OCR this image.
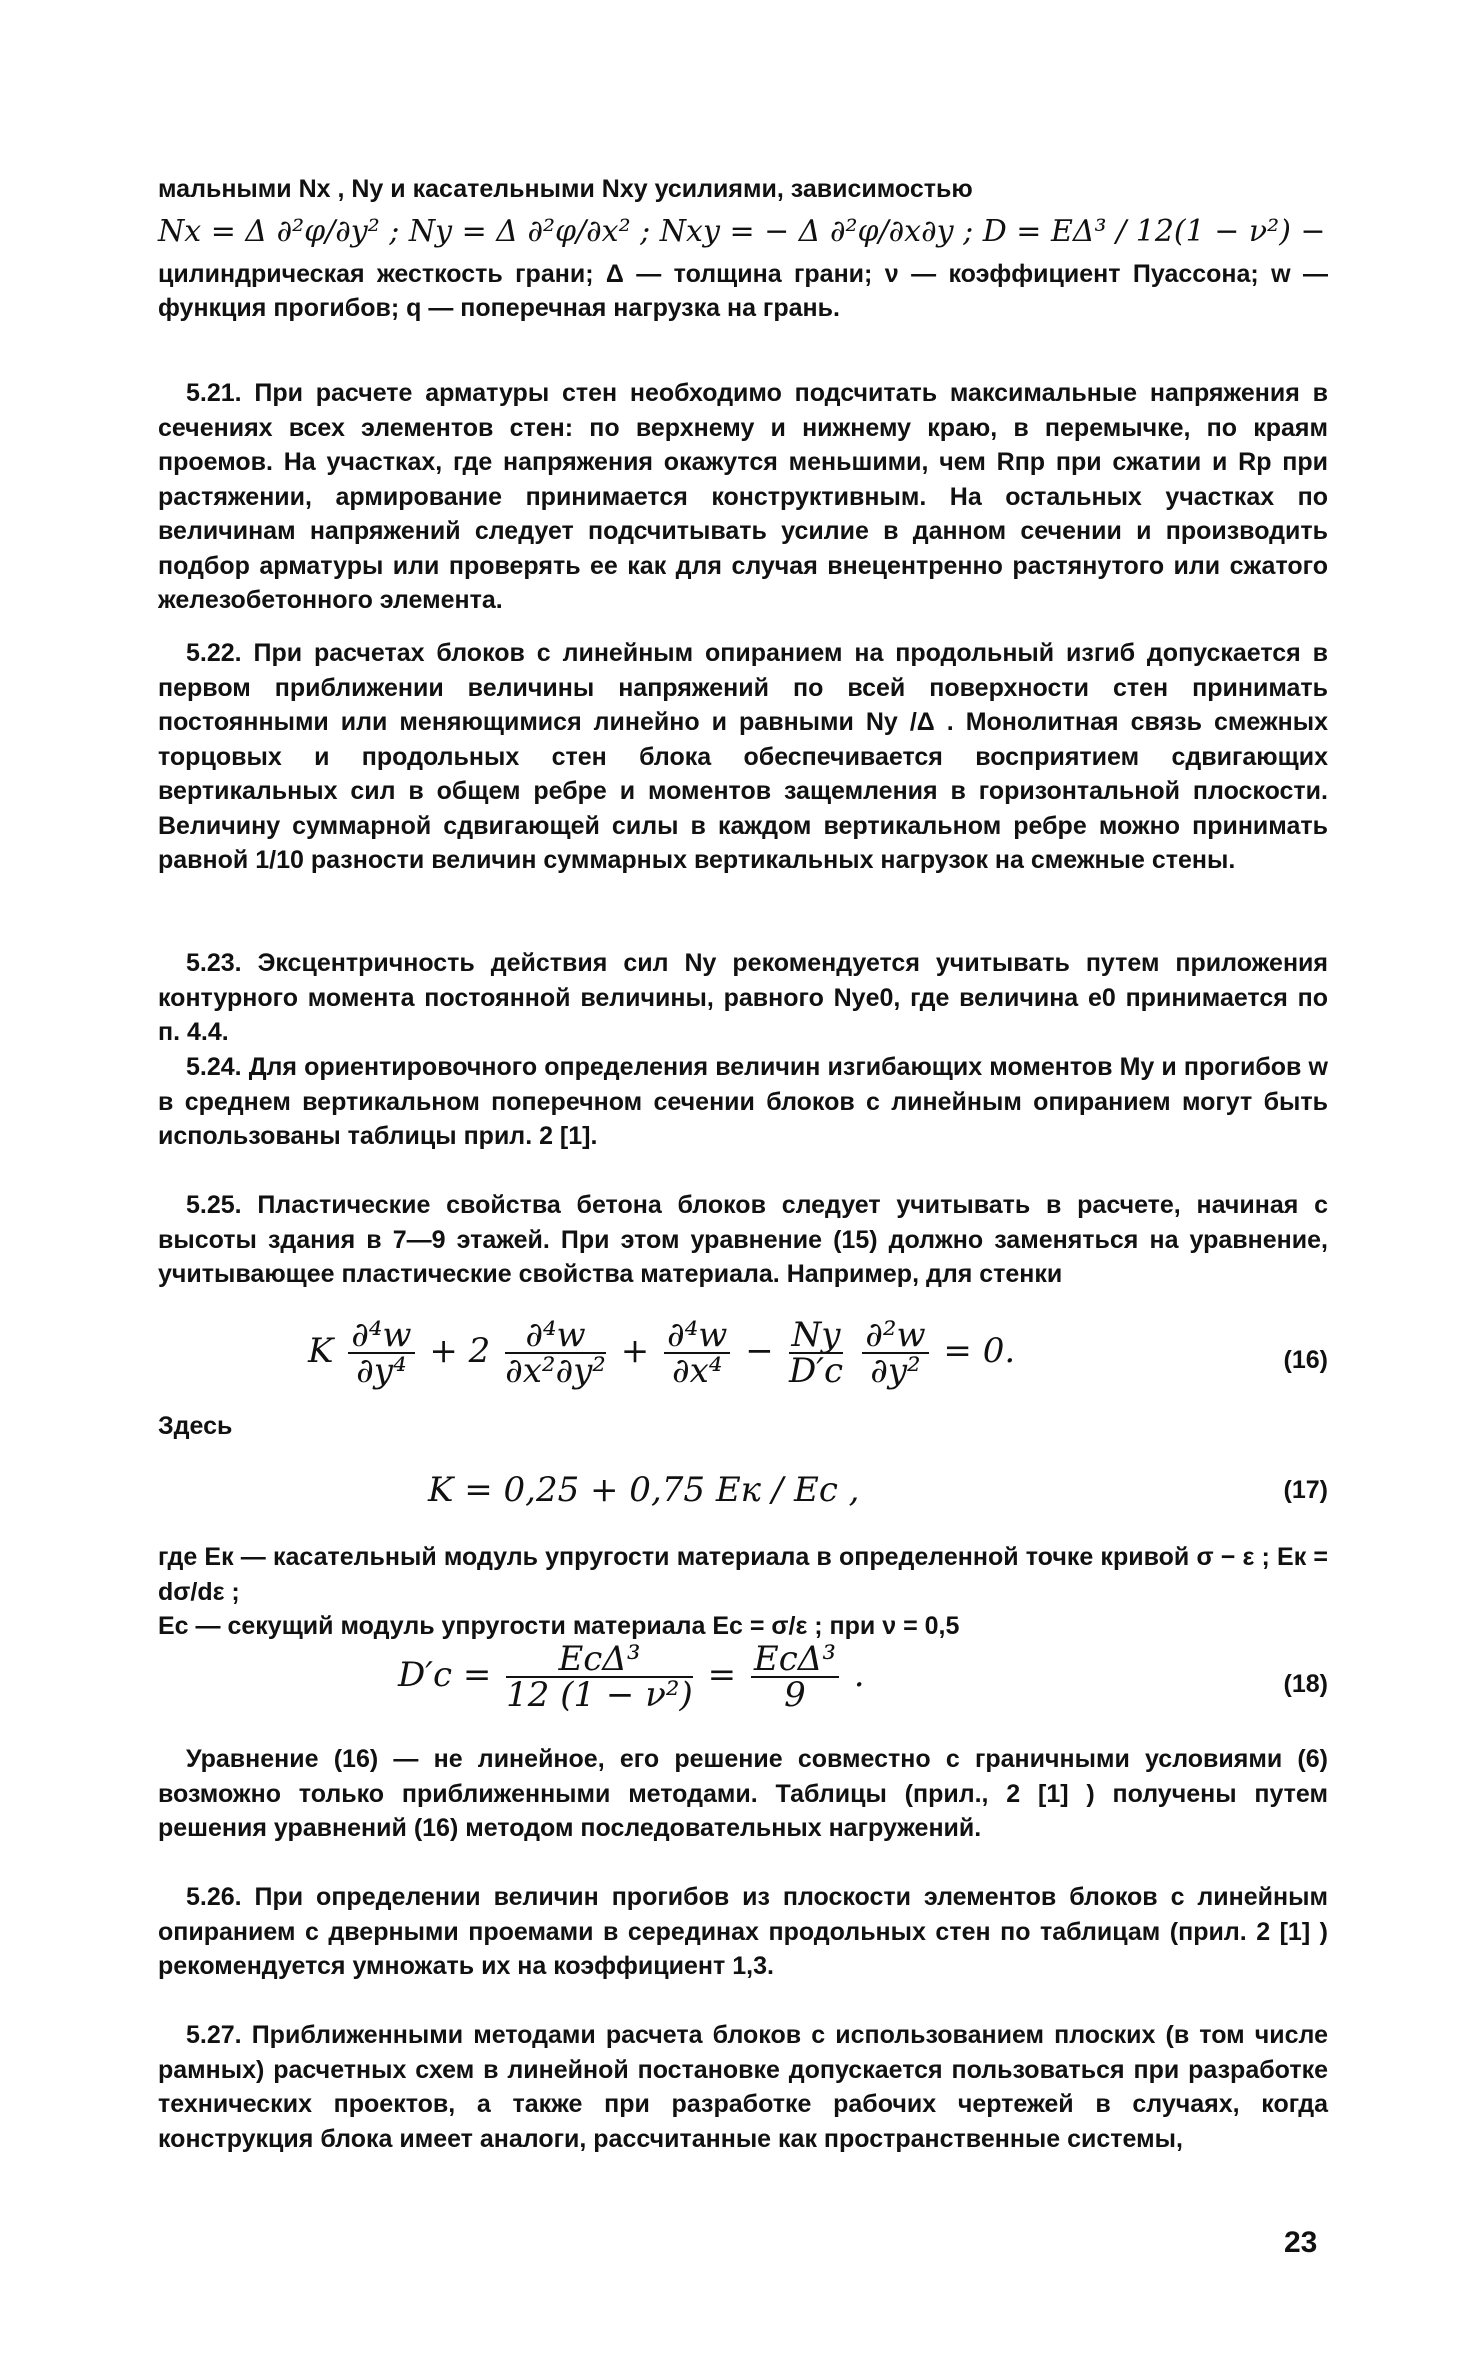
мальными Nx , Ny и касательными Nxy усилиями, зависимостью

Nx = Δ ∂²φ/∂y² ; Ny = Δ ∂²φ/∂x² ; Nxy = − Δ ∂²φ/∂x∂y ; D = EΔ³ / 12(1 − ν²) −

цилиндрическая жесткость грани; Δ — толщина грани; ν — коэффициент Пуассона; w — функция прогибов; q — поперечная нагрузка на грань.

5.21. При расчете арматуры стен необходимо подсчитать максимальные напряжения в сечениях всех элементов стен: по верхнему и нижнему краю, в перемычке, по краям проемов. На участках, где напряжения окажутся меньшими, чем Rпр при сжатии и Rр при растяжении, армирование принимается конструктивным. На остальных участках по величинам напряжений следует подсчитывать усилие в данном сечении и производить подбор арматуры или проверять ее как для случая внецентренно растянутого или сжатого железобетонного элемента.

5.22. При расчетах блоков с линейным опиранием на продольный изгиб допускается в первом приближении величины напряжений по всей поверхности стен принимать постоянными или меняющимися линейно и равными Ny /Δ . Монолитная связь смежных торцовых и продольных стен блока обеспечивается восприятием сдвигающих вертикальных сил в общем ребре и моментов защемления в горизонтальной плоскости. Величину суммарной сдвигающей силы в каждом вертикальном ребре можно принимать равной 1/10 разности величин суммарных вертикальных нагрузок на смежные стены.

5.23. Эксцентричность действия сил Ny рекомендуется учитывать путем приложения контурного момента постоянной величины, равного Nye0, где величина e0 принимается по п. 4.4.

5.24. Для ориентировочного определения величин изгибающих моментов My и прогибов w в среднем вертикальном поперечном сечении блоков с линейным опиранием могут быть использованы таблицы прил. 2 [1].

5.25. Пластические свойства бетона блоков следует учитывать в расчете, начиная с высоты здания в 7—9 этажей. При этом уравнение (15) должно заменяться на уравнение, учитывающее пластические свойства материала. Например, для стенки

K $\frac{\text{∂⁴w}}{\text{∂y⁴}} + 2 \frac{\text{∂⁴w}}{\text{∂x²∂y²}} + \frac{\text{∂⁴w}}{\text{∂x⁴}} - \frac{Ny}{D'c}$
$\frac{\text{∂²w}}{\text{∂y²}} = 0$.	(16)
Здесь
K = 0,25 + 0,75 Eк / Ec ,	(17)

где Eк — касательный модуль упругости материала в определенной точке кривой σ − ε ; Eк = dσ/dε ;

Ec — секущий модуль упругости материала Ec = σ/ε ; при ν = 0,5

$D'c = \frac{\text{EcΔ³}}{\text{12 (1 − ν²)}} = \frac{\text{EcΔ³}}{9}$ .	(18)

Уравнение (16) — не линейное, его решение совместно с граничными условиями (6) возможно только приближенными методами. Таблицы (прил., 2 [1] ) получены путем решения уравнений (16) методом последовательных нагружений.

5.26. При определении величин прогибов из плоскости элементов блоков с линейным опиранием с дверными проемами в серединах продольных стен по таблицам (прил. 2 [1] ) рекомендуется умножать их на коэффициент 1,3.

5.27. Приближенными методами расчета блоков с использованием плоских (в том числе рамных) расчетных схем в линейной постановке допускается пользоваться при разработке технических проектов, а также при разработке рабочих чертежей в случаях, когда конструкция блока имеет аналоги, рассчитанные как пространственные системы,

23
